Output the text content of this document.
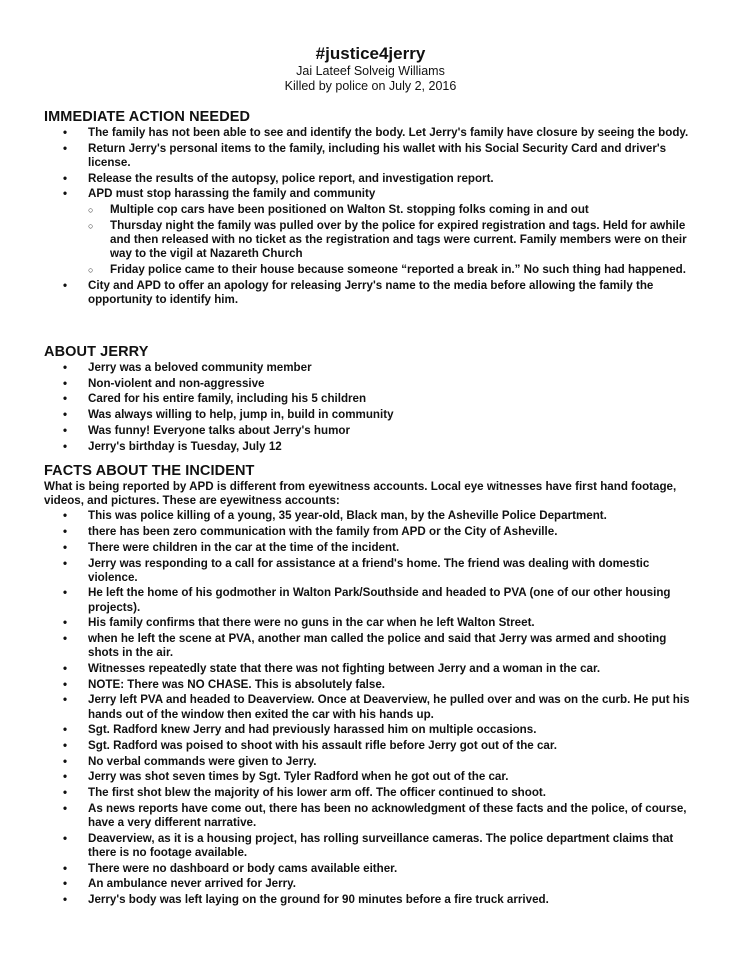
#justice4jerry
Jai Lateef Solveig Williams
Killed by police on July 2, 2016
IMMEDIATE ACTION NEEDED
• The family has not been able to see and identify the body. Let Jerry's family have closure by seeing the body.
• Return Jerry's personal items to the family, including his wallet with his Social Security Card and driver's license.
• Release the results of the autopsy, police report, and investigation report.
• APD must stop harassing the family and community
○ Multiple cop cars have been positioned on Walton St. stopping folks coming in and out
○ Thursday night the family was pulled over by the police for expired registration and tags. Held for awhile and then released with no ticket as the registration and tags were current. Family members were on their way to the vigil at Nazareth Church
○ Friday police came to their house because someone “reported a break in.” No such thing had happened.
• City and APD to offer an apology for releasing Jerry's name to the media before allowing the family the opportunity to identify him.
ABOUT JERRY
• Jerry was a beloved community member
• Non-violent and non-aggressive
• Cared for his entire family, including his 5 children
• Was always willing to help, jump in, build in community
• Was funny! Everyone talks about Jerry's humor
• Jerry's birthday is Tuesday, July 12
FACTS ABOUT THE INCIDENT

What is being reported by APD is different from eyewitness accounts. Local eye witnesses have first hand footage, videos, and pictures. These are eyewitness accounts:

• This was police killing of a young, 35 year-old, Black man, by the Asheville Police Department.
• there has been zero communication with the family from APD or the City of Asheville.
• There were children in the car at the time of the incident.
• Jerry was responding to a call for assistance at a friend's home. The friend was dealing with domestic violence.
• He left the home of his godmother in Walton Park/Southside and headed to PVA (one of our other housing projects).
• His family confirms that there were no guns in the car when he left Walton Street.
• when he left the scene at PVA, another man called the police and said that Jerry was armed and shooting shots in the air.
• Witnesses repeatedly state that there was not fighting between Jerry and a woman in the car.
• NOTE: There was NO CHASE. This is absolutely false.
• Jerry left PVA and headed to Deaverview. Once at Deaverview, he pulled over and was on the curb. He put his hands out of the window then exited the car with his hands up.
• Sgt. Radford knew Jerry and had previously harassed him on multiple occasions.
• Sgt. Radford was poised to shoot with his assault rifle before Jerry got out of the car.
• No verbal commands were given to Jerry.
• Jerry was shot seven times by Sgt. Tyler Radford when he got out of the car.
• The first shot blew the majority of his lower arm off. The officer continued to shoot.
• As news reports have come out, there has been no acknowledgment of these facts and the police, of course, have a very different narrative.
• Deaverview, as it is a housing project, has rolling surveillance cameras. The police department claims that there is no footage available.
• There were no dashboard or body cams available either.
• An ambulance never arrived for Jerry.
• Jerry's body was left laying on the ground for 90 minutes before a fire truck arrived.
